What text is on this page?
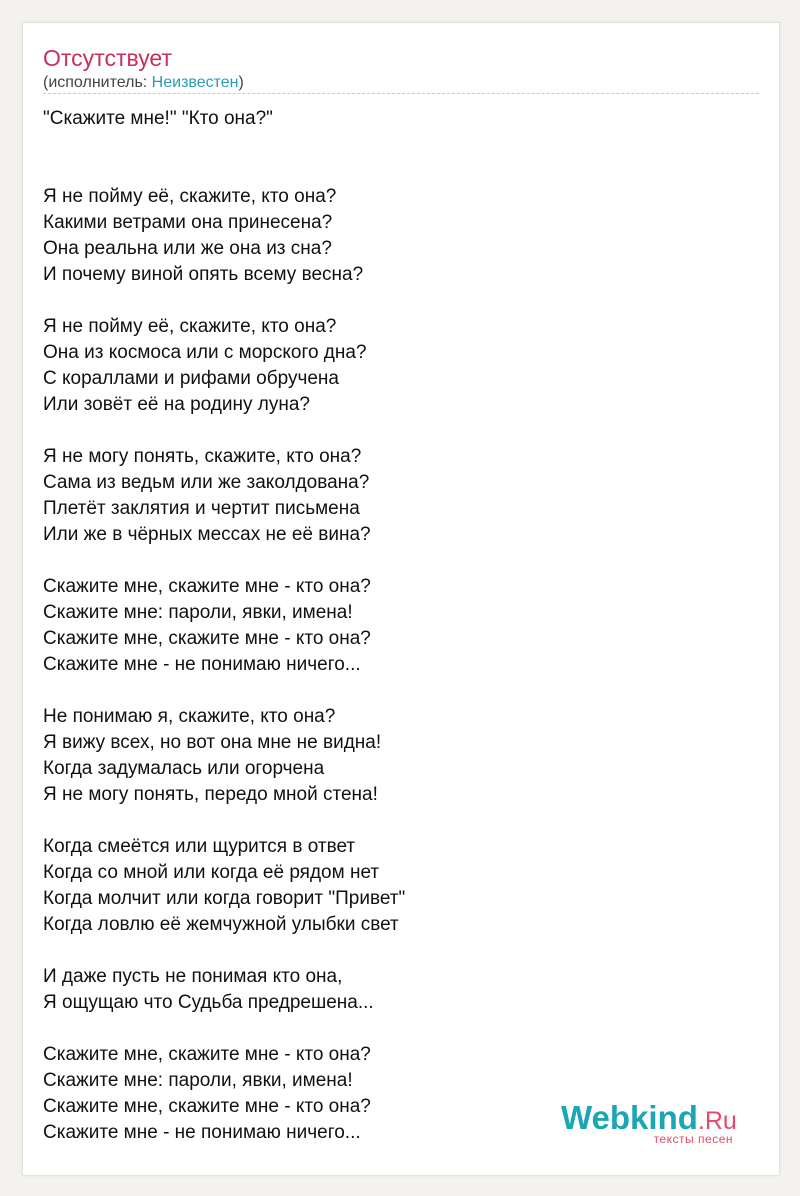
Отсутствует
(исполнитель: Неизвестен)
"Скажите мне!" "Кто она?"

Я не пойму её, скажите, кто она?
Какими ветрами она принесена?
Она реальна или же она из сна?
И почему виной опять всему весна?

Я не пойму её, скажите, кто она?
Она из космоса или с морского дна?
С кораллами и рифами обручена
Или зовёт её на родину луна?

Я не могу понять, скажите, кто она?
Сама из ведьм или же заколдована?
Плетёт заклятия и чертит письмена
Или же в чёрных мессах не её вина?

Скажите мне, скажите мне - кто она?
Скажите мне: пароли, явки, имена!
Скажите мне, скажите мне - кто она?
Скажите мне - не понимаю ничего...

Не понимаю я, скажите, кто она?
Я вижу всех, но вот она мне не видна!
Когда задумалась или огорчена
Я не могу понять, передо мной стена!

Когда смеётся или щурится в ответ
Когда со мной или когда её рядом нет
Когда молчит или когда говорит "Привет"
Когда ловлю её жемчужной улыбки свет

И даже пусть не понимая кто она,
Я ощущаю что Судьба предрешена...

Скажите мне, скажите мне - кто она?
Скажите мне: пароли, явки, имена!
Скажите мне, скажите мне - кто она?
Скажите мне - не понимаю ничего...	Webkind.Ru
тексты песен
